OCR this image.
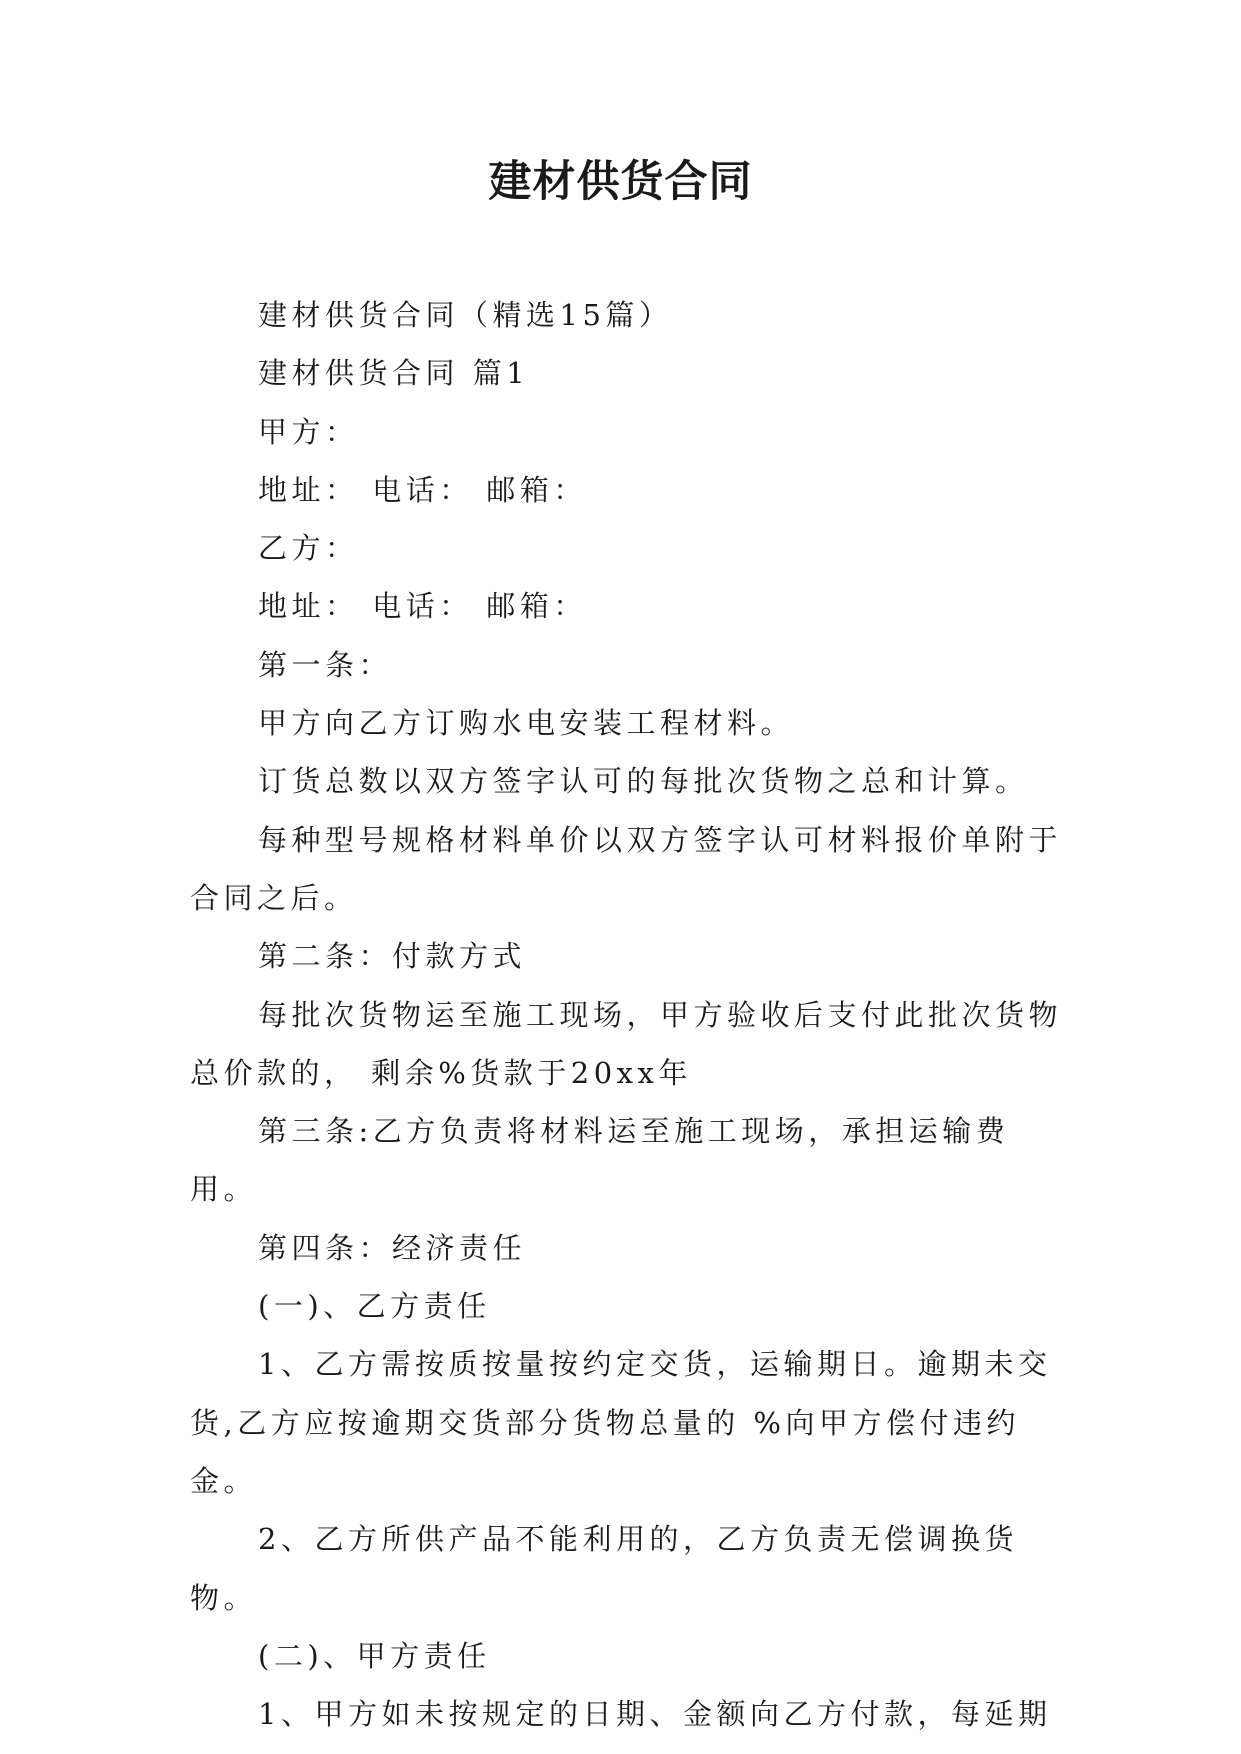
建材供货合同

建材供货合同（精选15篇）

建材供货合同 篇1

甲方：

地址： 电话： 邮箱：

乙方：

地址： 电话： 邮箱：

第一条：

甲方向乙方订购水电安装工程材料。

订货总数以双方签字认可的每批次货物之总和计算。

每种型号规格材料单价以双方签字认可材料报价单附于合同之后。

第二条：付款方式

每批次货物运至施工现场，甲方验收后支付此批次货物总价款的， 剩余%货款于20xx年

第三条:乙方负责将材料运至施工现场，承担运输费用。

第四条：经济责任

(一)、乙方责任

1、乙方需按质按量按约定交货，运输期日。逾期未交货,乙方应按逾期交货部分货物总量的 %向甲方偿付违约金。

2、乙方所供产品不能利用的，乙方负责无偿调换货物。

(二)、甲方责任

1、甲方如未按规定的日期、金额向乙方付款，每延期
